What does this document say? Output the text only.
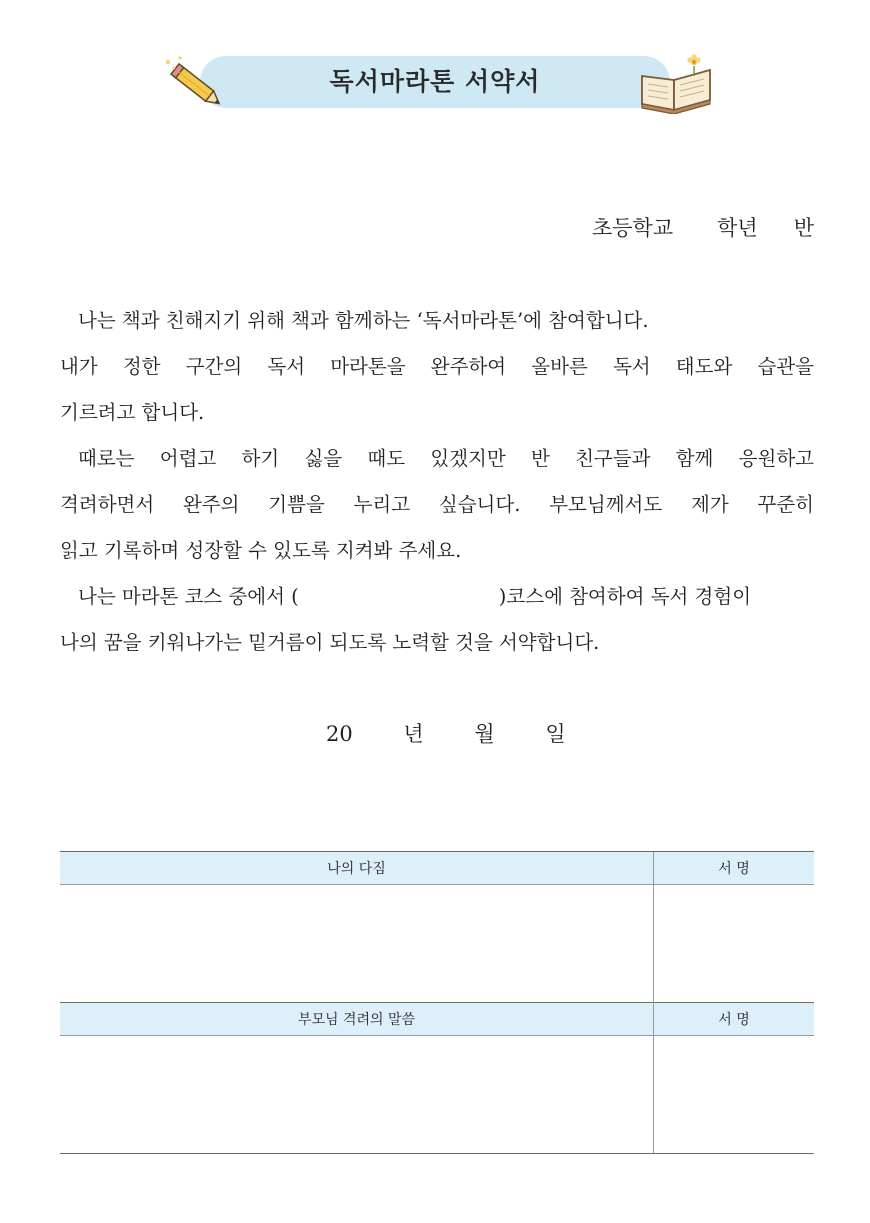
독서마라톤 서약서
초등학교 학년 반
나는 책과 친해지기 위해 책과 함께하는 ‘독서마라톤’에 참여합니다.
내가 정한 구간의 독서 마라톤을 완주하여 올바른 독서 태도와 습관을
기르려고 합니다.
때로는 어렵고 하기 싫을 때도 있겠지만 반 친구들과 함께 응원하고
격려하면서 완주의 기쁨을 누리고 싶습니다. 부모님께서도 제가 꾸준히
읽고 기록하며 성장할 수 있도록 지켜봐 주세요.
나는 마라톤 코스 중에서 (	)코스에 참여하여 독서 경험이
나의 꿈을 키워나가는 밑거름이 되도록 노력할 것을 서약합니다.
20 년 월 일
나의 다짐	서 명

부모님 격려의 말씀	서 명
